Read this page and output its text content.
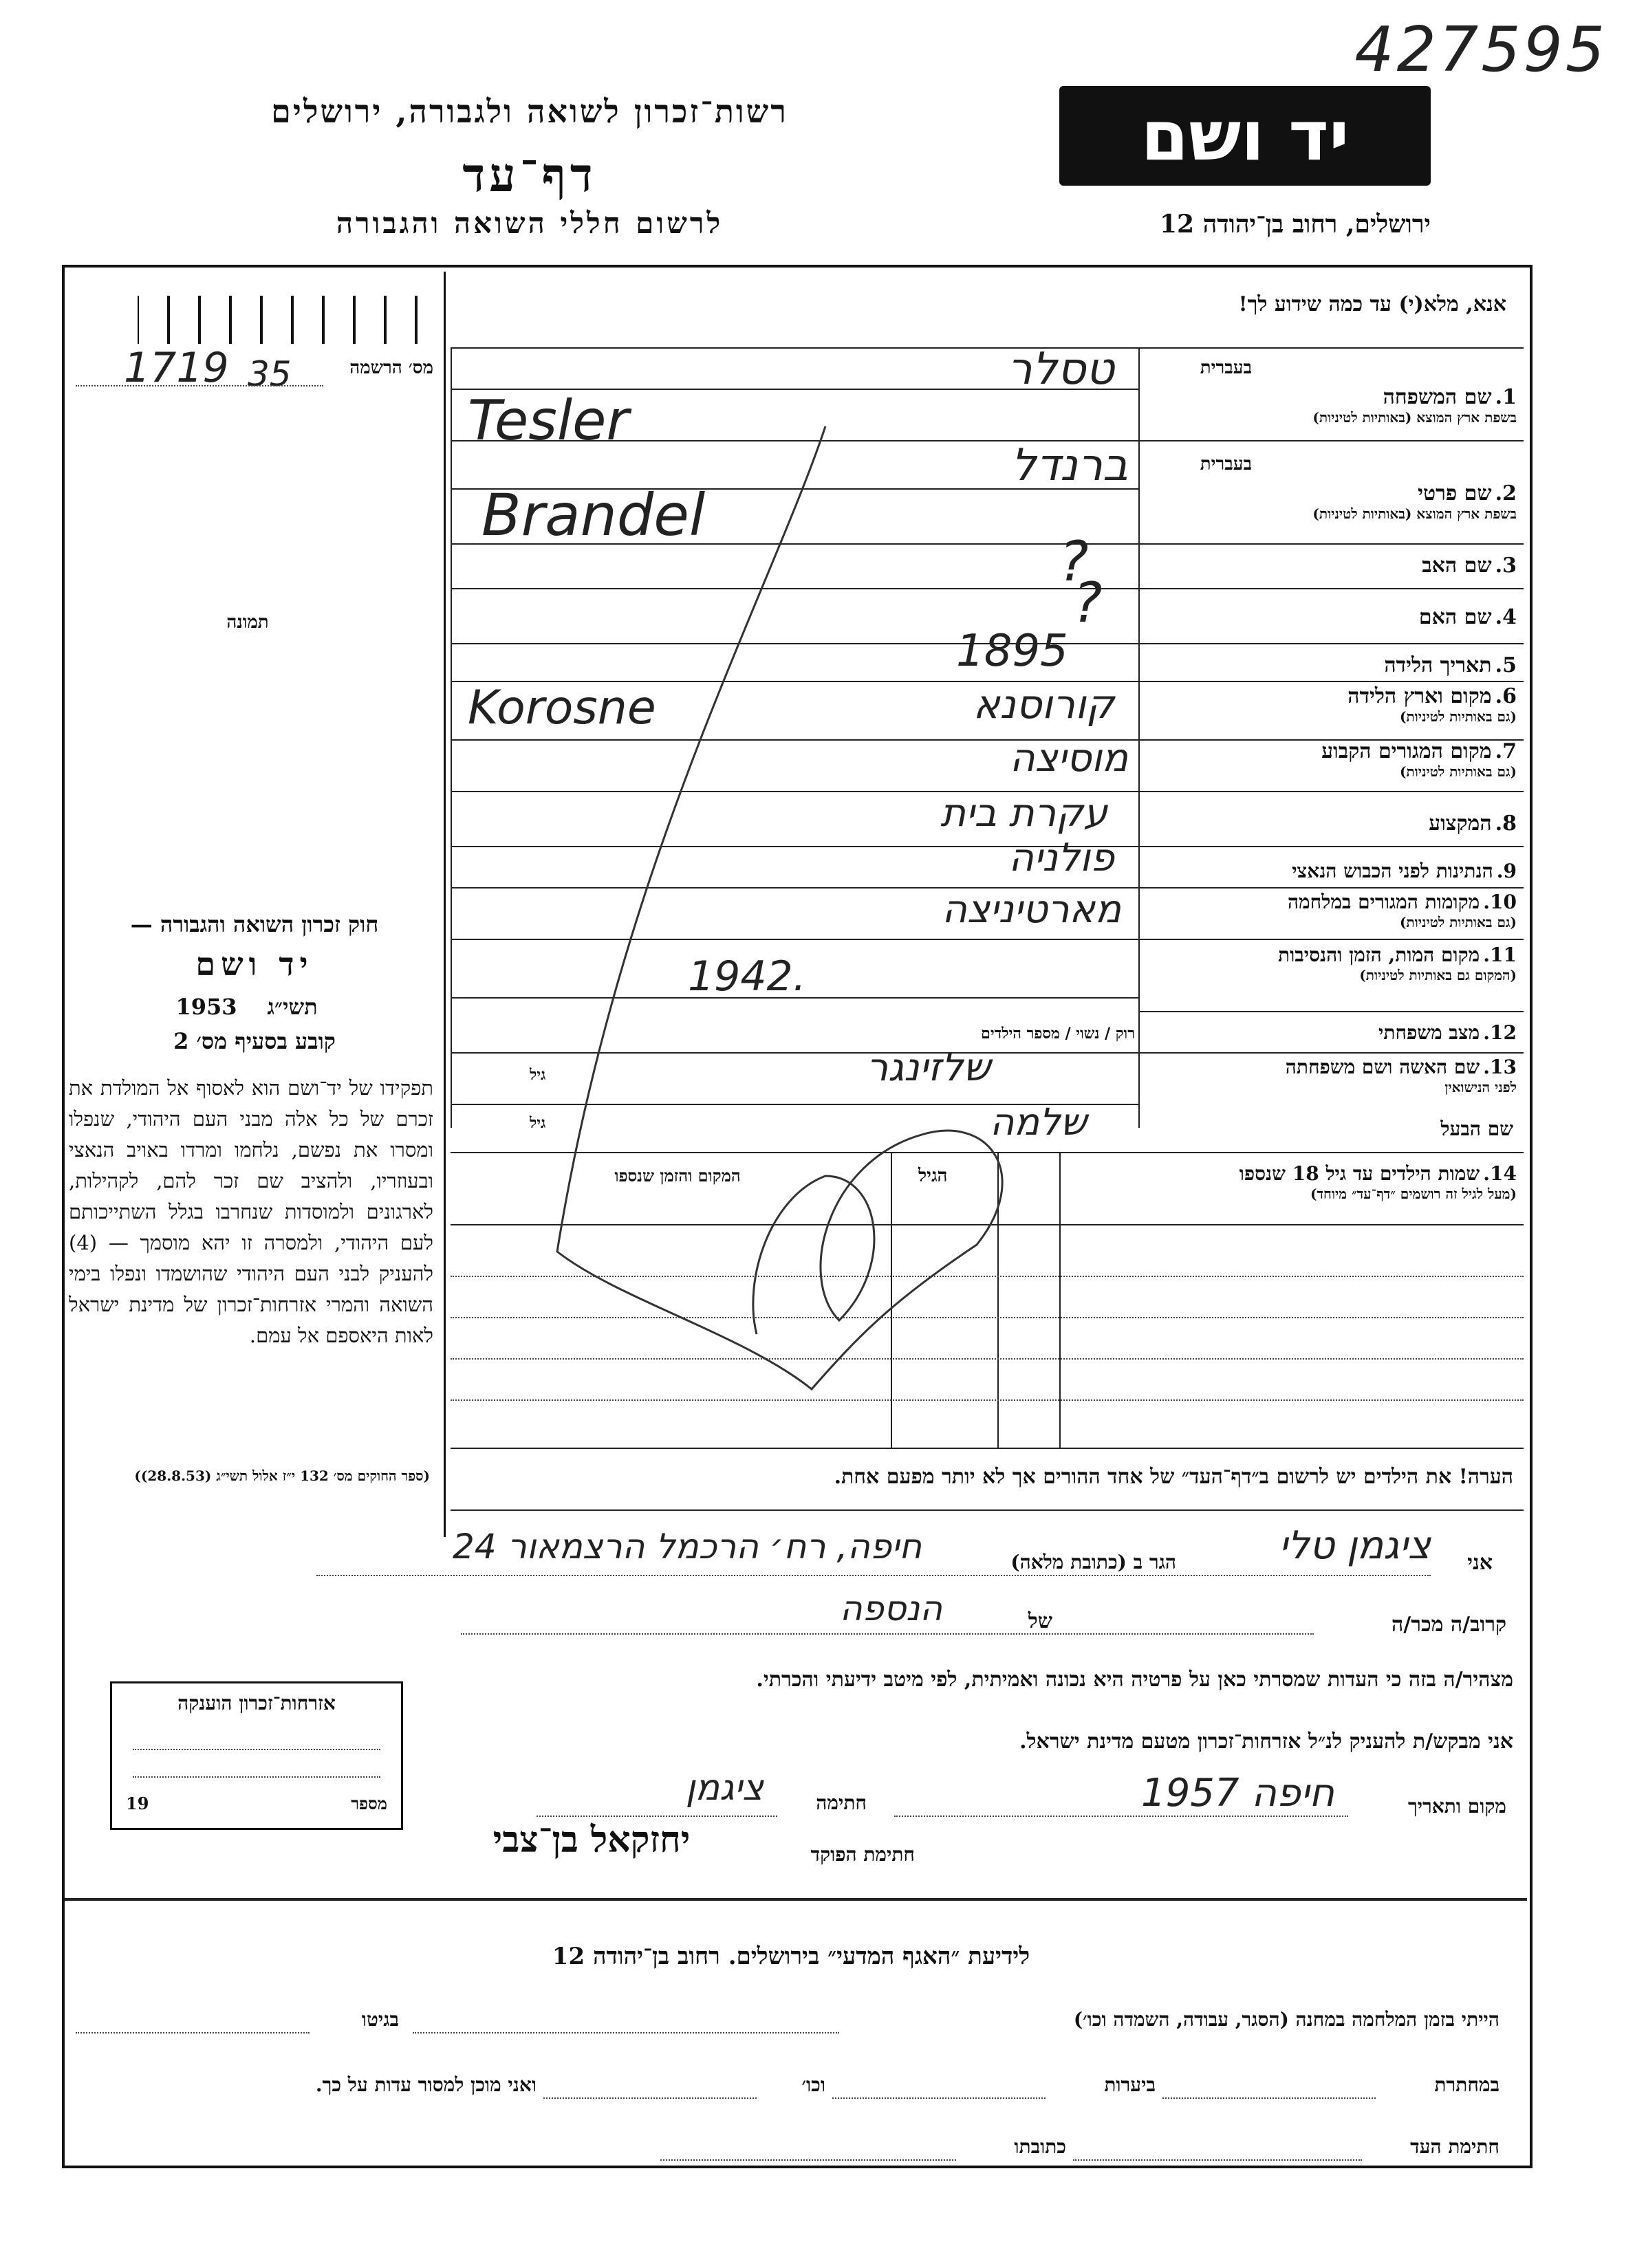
427595
רשות־זכרון לשואה ולגבורה, ירושלים
דף־עד
לרשום חללי השואה והגבורה
יד ושם
ירושלים, רחוב בן־יהודה 12
מס׳ הרשמה
1719 35
תמונה
חוק זכרון השואה והגבורה —
יד ושם
תשי״ג
1953
קובע בסעיף מס׳ 2
תפקידו של יד־ושם הוא לאסוף אל המולדת את זכרם של כל אלה מבני העם היהודי, שנפלו ומסרו את נפשם, נלחמו ומרדו באויב הנאצי ובעוזריו, ולהציב שם זכר להם, לקהילות, לארגונים ולמוסדות שנחרבו בגלל השתייכותם לעם היהודי, ולמסרה זו יהא מוסמך — (4) להעניק לבני העם היהודי שהושמדו ונפלו בימי השואה והמרי אזרחות־זכרון של מדינת ישראל לאות היאספם אל עמם.
(ספר החוקים מס׳ 132 י״ז אלול תשי״ג (28.8.53))
אזרחות־זכרון הוענקה
מספר
19
אנא, מלא(י) עד כמה שידוע לך!
1. שם המשפחה
בשפת ארץ המוצא (באותיות לטיניות)
בעברית
טסלר
Tesler
בעברית
2. שם פרטי
בשפת ארץ המוצא (באותיות לטיניות)
ברנדל
Brandel
3. שם האב
?
4. שם האם
?
5. תאריך הלידה
1895
6. מקום וארץ הלידה
(גם באותיות לטיניות)
Korosne	קורוסנא
7. מקום המגורים הקבוע
(גם באותיות לטיניות)
מוסיצה
8. המקצוע
עקרת בית
9. הנתינות לפני הכבוש הנאצי
פולניה
10. מקומות המגורים במלחמה
(גם באותיות לטיניות)
מארטיניצה
11. מקום המות, הזמן והנסיבות
(המקום גם באותיות לטיניות)
1942.
12. מצב משפחתי
רוק / נשוי / מספר הילדים
13. שם האשה ושם משפחתה
לפני הנישואין
גיל	שלזינגר
שם הבעל
גיל	שלמה
14. שמות הילדים עד גיל 18 שנספו
(מעל לגיל זה רושמים ״דף־עד״ מיוחד)
הגיל
המקום והזמן שנספו
הערה! את הילדים יש לרשום ב״דף־העד״ של אחד ההורים אך לא יותר מפעם אחת.
אני
ציגמן טלי
הגר ב (כתובת מלאה)
חיפה, רח׳ הרכמל הרצמאור 24
קרוב/ה מכר/ה
של
הנספה
מצהיר/ה בזה כי העדות שמסרתי כאן על פרטיה היא נכונה ואמיתית, לפי מיטב ידיעתי והכרתי.
אני מבקש/ת להעניק לנ״ל אזרחות־זכרון מטעם מדינת ישראל.
מקום ותאריך
חיפה 1957
חתימה
ציגמן
חתימת הפוקד
יחזקאל בן־צבי
לידיעת ״האגף המדעי״ בירושלים. רחוב בן־יהודה 12
הייתי בזמן המלחמה במחנה (הסגר, עבודה, השמדה וכו׳)
בגיטו
במחתרת
ביערות
וכו׳
ואני מוכן למסור עדות על כך.
חתימת העד
כתובתו
